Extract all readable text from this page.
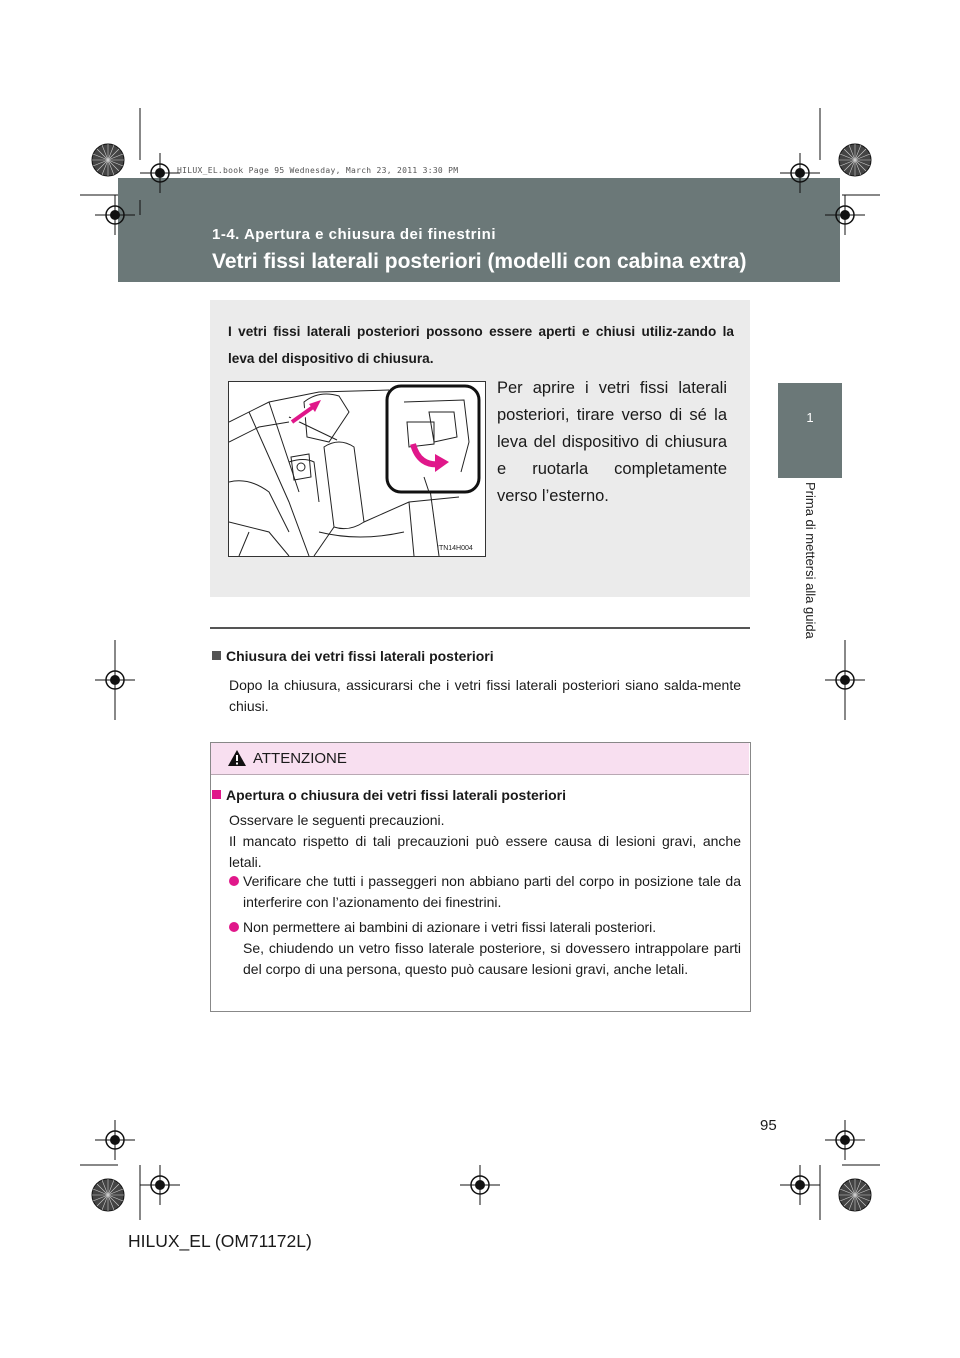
HILUX_EL.book Page 95 Wednesday, March 23, 2011 3:30 PM
1-4. Apertura e chiusura dei finestrini
Vetri fissi laterali posteriori (modelli con cabina extra)
1
Prima di mettersi alla guida
I vetri fissi laterali posteriori possono essere aperti e chiusi utiliz-zando la leva del dispositivo di chiusura.
ITN14H004
Per aprire i vetri fissi laterali posteriori, tirare verso di sé la leva del dispositivo di chiusura e ruotarla completamente verso l’esterno.
Chiusura dei vetri fissi laterali posteriori
Dopo la chiusura, assicurarsi che i vetri fissi laterali posteriori siano salda-mente chiusi.
ATTENZIONE
Apertura o chiusura dei vetri fissi laterali posteriori
Osservare le seguenti precauzioni.
Il mancato rispetto di tali precauzioni può essere causa di lesioni gravi, anche letali.
Verificare che tutti i passeggeri non abbiano parti del corpo in posizione tale da interferire con l’azionamento dei finestrini.
Non permettere ai bambini di azionare i vetri fissi laterali posteriori.
Se, chiudendo un vetro fisso laterale posteriore, si dovessero intrappolare parti del corpo di una persona, questo può causare lesioni gravi, anche letali.
95
HILUX_EL (OM71172L)
